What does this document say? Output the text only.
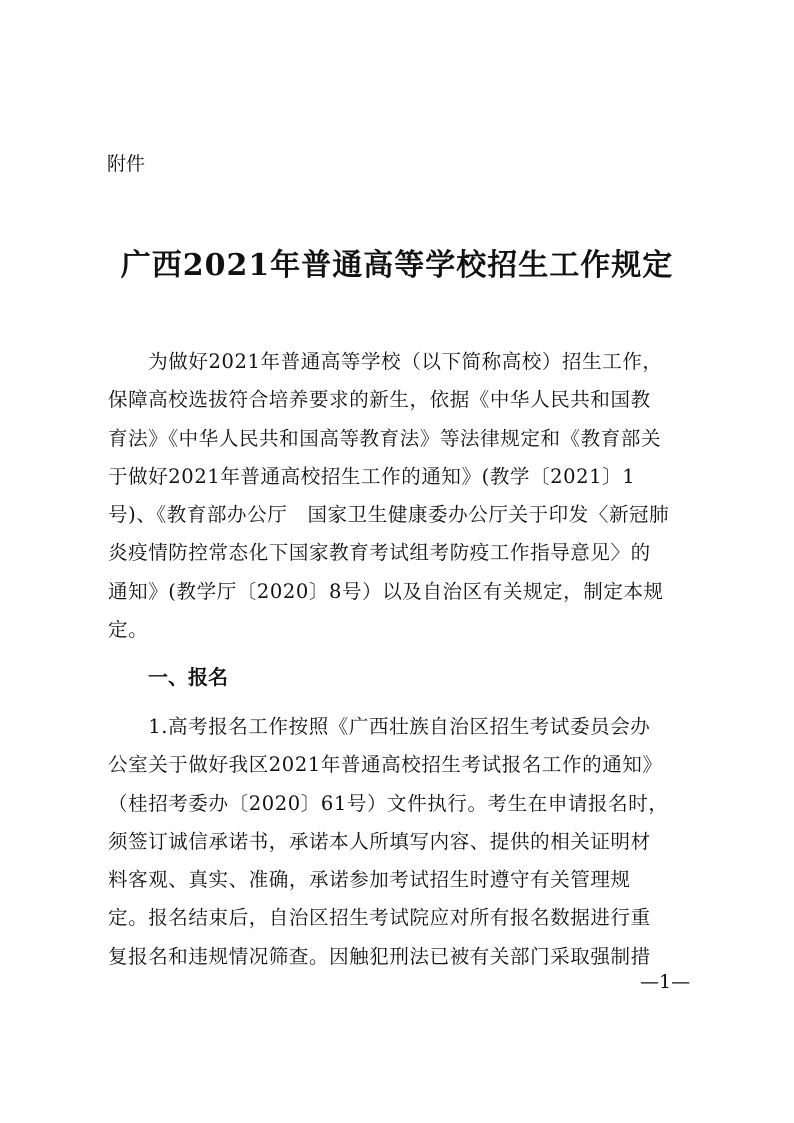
附件
广西2021年普通高等学校招生工作规定
　　为做好2021年普通高等学校（以下简称高校）招生工作，
保障高校选拔符合培养要求的新生，依据《中华人民共和国教
育法》《中华人民共和国高等教育法》等法律规定和《教育部关
于做好2021年普通高校招生工作的通知》(教学〔2021〕1
号)、《教育部办公厅　国家卫生健康委办公厅关于印发〈新冠肺
炎疫情防控常态化下国家教育考试组考防疫工作指导意见〉的
通知》(教学厅〔2020〕8号）以及自治区有关规定，制定本规
定。
一、报名
　　1.高考报名工作按照《广西壮族自治区招生考试委员会办
公室关于做好我区2021年普通高校招生考试报名工作的通知》
（桂招考委办〔2020〕61号）文件执行。考生在申请报名时，
须签订诚信承诺书，承诺本人所填写内容、提供的相关证明材
料客观、真实、准确，承诺参加考试招生时遵守有关管理规
定。报名结束后，自治区招生考试院应对所有报名数据进行重
复报名和违规情况筛查。因触犯刑法已被有关部门采取强制措
—1—
